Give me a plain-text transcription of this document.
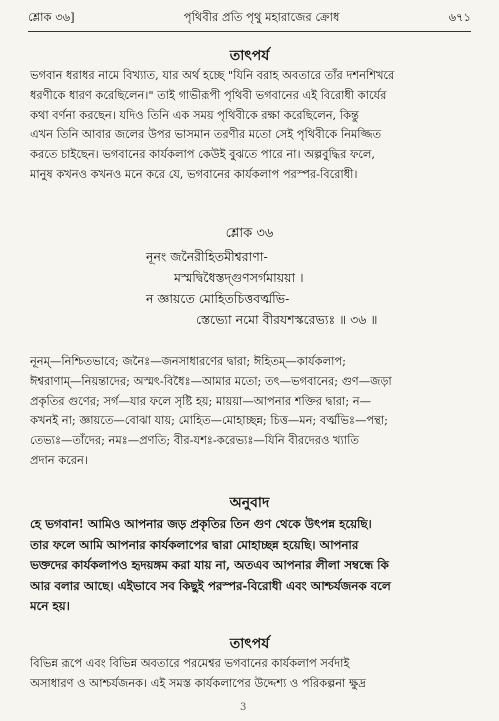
শ্লোক ৩৬]	পৃথিবীর প্রতি পৃথু মহারাজের ক্রোধ	৬৭১
তাৎপর্য
ভগবান ধরাধর নামে বিখ্যাত, যার অর্থ হচ্ছে "যিনি বরাহ অবতারে তাঁর দশনশিখরে
ধরণীকে ধারণ করেছিলেন।" তাই গাভীরূপী পৃথিবী ভগবানের এই বিরোধী কার্যের
কথা বর্ণনা করছেন। যদিও তিনি এক সময় পৃথিবীকে রক্ষা করেছিলেন, কিন্তু
এখন তিনি আবার জলের উপর ভাসমান তরণীর মতো সেই পৃথিবীকে নিমজ্জিত
করতে চাইছেন। ভগবানের কার্যকলাপ কেউই বুঝতে পারে না। অল্পবুদ্ধির ফলে,
মানুষ কখনও কখনও মনে করে যে, ভগবানের কার্যকলাপ পরস্পর-বিরোধী।
শ্লোক ৩৬
নূনং জনৈরীহিতমীশ্বরাণা-
মস্মদ্বিধৈস্তদ্গুণসর্গমায়য়া ।
ন জ্ঞায়তে মোহিতচিত্তবর্ত্মভি-
স্তেভ্যো নমো বীরযশস্করেভ্যঃ ॥ ৩৬ ॥
নূনম্—নিশ্চিতভাবে; জনৈঃ—জনসাধারণের দ্বারা; ঈহিতম্—কার্যকলাপ;
ঈশ্বরাণাম্—নিয়ন্তাদের; অস্মৎ-বিধৈঃ—আমার মতো; তৎ—ভগবানের; গুণ—জড়া
প্রকৃতির গুণের; সর্গ—যার ফলে সৃষ্টি হয়; মায়য়া—আপনার শক্তির দ্বারা; ন—
কখনই না; জ্ঞায়তে—বোঝা যায়; মোহিত—মোহাচ্ছন্ন; চিত্ত—মন; বর্ত্মভিঃ—পন্থা;
তেভ্যঃ—তাঁদের; নমঃ—প্রণতি; বীর-যশঃ-করেভ্যঃ—যিনি বীরদেরও খ্যাতি
প্রদান করেন।
অনুবাদ
হে ভগবান! আমিও আপনার জড় প্রকৃতির তিন গুণ থেকে উৎপন্ন হয়েছি।
তার ফলে আমি আপনার কার্যকলাপের দ্বারা মোহাচ্ছন্ন হয়েছি। আপনার
ভক্তদের কার্যকলাপও হৃদয়ঙ্গম করা যায় না, অতএব আপনার লীলা সম্বন্ধে কি
আর বলার আছে। এইভাবে সব কিছুই পরস্পর-বিরোধী এবং আশ্চর্যজনক বলে
মনে হয়।
তাৎপর্য
বিভিন্ন রূপে এবং বিভিন্ন অবতারে পরমেশ্বর ভগবানের কার্যকলাপ সর্বদাই
অসাধারণ ও আশ্চর্যজনক। এই সমস্ত কার্যকলাপের উদ্দেশ্য ও পরিকল্পনা ক্ষুদ্র
3
